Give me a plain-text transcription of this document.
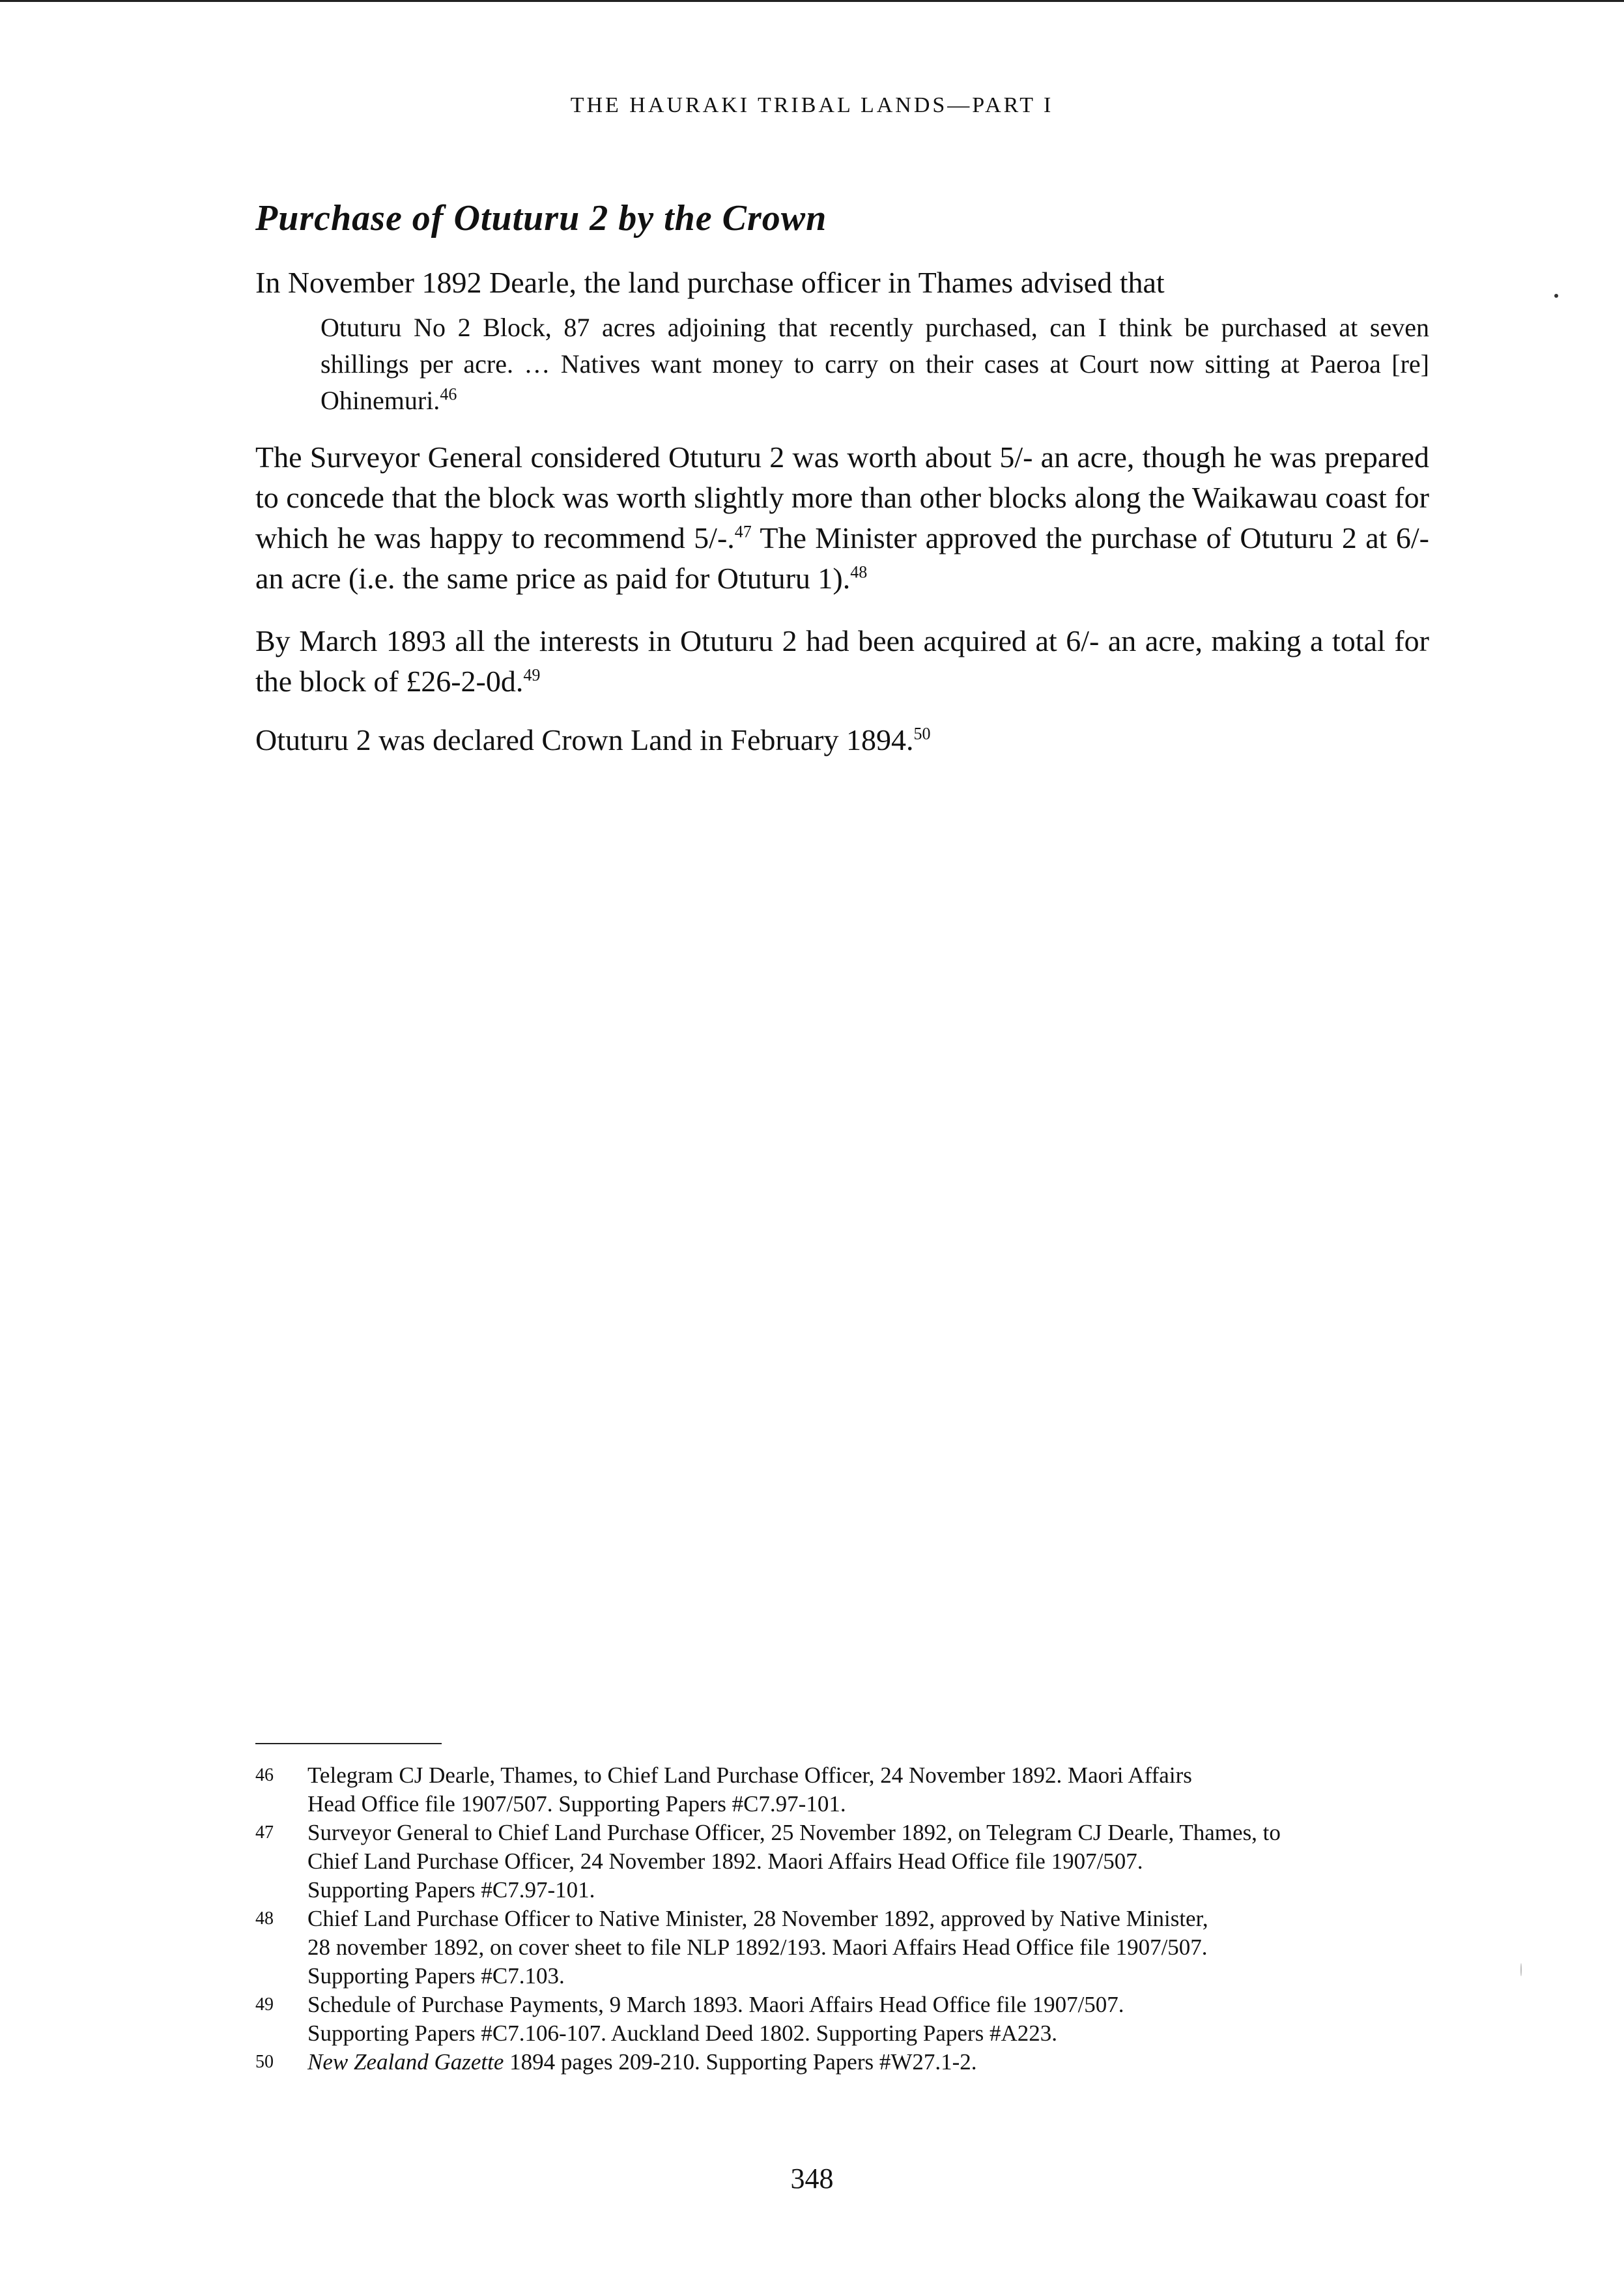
THE HAURAKI TRIBAL LANDS—PART I
Purchase of Otuturu 2 by the Crown

In November 1892 Dearle, the land purchase officer in Thames advised that

Otuturu No 2 Block, 87 acres adjoining that recently purchased, can I think be purchased at seven shillings per acre. … Natives want money to carry on their cases at Court now sitting at Paeroa [re] Ohinemuri.$^{46}$

The Surveyor General considered Otuturu 2 was worth about 5/- an acre, though he was prepared to concede that the block was worth slightly more than other blocks along the Waikawau coast for which he was happy to recommend 5/-.$^{47}$ The Minister approved the purchase of Otuturu 2 at 6/- an acre (i.e. the same price as paid for Otuturu 1).$^{48}$

By March 1893 all the interests in Otuturu 2 had been acquired at 6/- an acre, making a total for the block of £26-2-0d.$^{49}$

Otuturu 2 was declared Crown Land in February 1894.50

46	Telegram CJ Dearle, Thames, to Chief Land Purchase Officer, 24 November 1892. Maori Affairs
Head Office file 1907/507. Supporting Papers #C7.97-101.
47	Surveyor General to Chief Land Purchase Officer, 25 November 1892, on Telegram CJ Dearle, Thames, to
Chief Land Purchase Officer, 24 November 1892. Maori Affairs Head Office file 1907/507.
Supporting Papers #C7.97-101.
48	Chief Land Purchase Officer to Native Minister, 28 November 1892, approved by Native Minister,
28 november 1892, on cover sheet to file NLP 1892/193. Maori Affairs Head Office file 1907/507.
Supporting Papers #C7.103.
49	Schedule of Purchase Payments, 9 March 1893. Maori Affairs Head Office file 1907/507.
Supporting Papers #C7.106-107. Auckland Deed 1802. Supporting Papers #A223.
50	New Zealand Gazette 1894 pages 209-210. Supporting Papers #W27.1-2.
348
